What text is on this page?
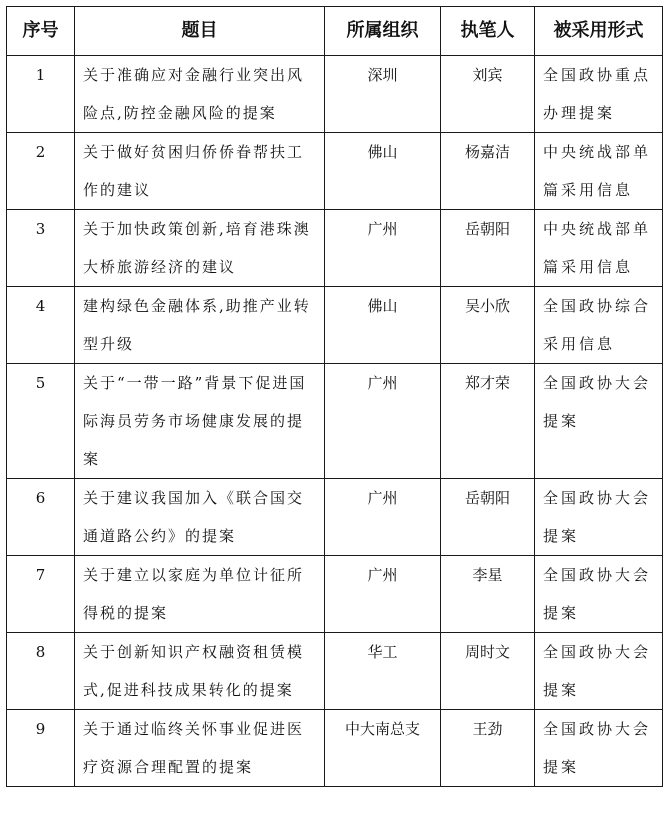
序号	题目	所属组织	执笔人	被采用形式
1	关于准确应对金融行业突出风险点,防控金融风险的提案	深圳	刘宾	全国政协重点办理提案
2	关于做好贫困归侨侨眷帮扶工作的建议	佛山	杨嘉洁	中央统战部单篇采用信息
3	关于加快政策创新,培育港珠澳大桥旅游经济的建议	广州	岳朝阳	中央统战部单篇采用信息
4	建构绿色金融体系,助推产业转型升级	佛山	吴小欣	全国政协综合采用信息
5	关于“一带一路”背景下促进国际海员劳务市场健康发展的提案	广州	郑才荣	全国政协大会提案
6	关于建议我国加入《联合国交通道路公约》的提案	广州	岳朝阳	全国政协大会提案
7	关于建立以家庭为单位计征所得税的提案	广州	李星	全国政协大会提案
8	关于创新知识产权融资租赁模式,促进科技成果转化的提案	华工	周时文	全国政协大会提案
9	关于通过临终关怀事业促进医疗资源合理配置的提案	中大南总支	王劲	全国政协大会提案
